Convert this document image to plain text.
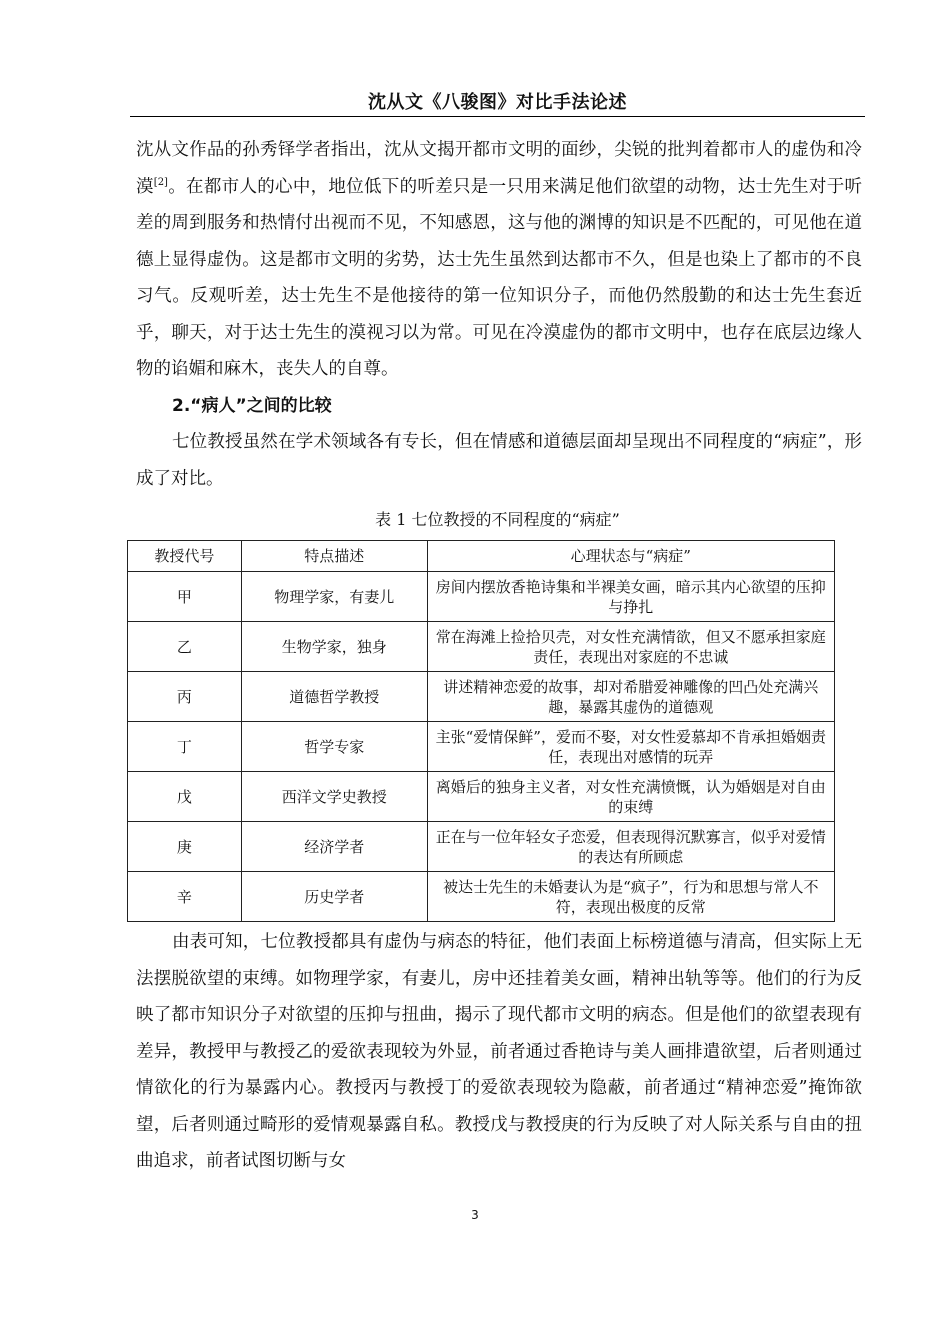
沈从文《八骏图》对比手法论述

沈从文作品的孙秀铎学者指出，沈从文揭开都市文明的面纱，尖锐的批判着都市人的虚伪和冷漠[2]。在都市人的心中，地位低下的听差只是一只用来满足他们欲望的动物，达士先生对于听差的周到服务和热情付出视而不见，不知感恩，这与他的渊博的知识是不匹配的，可见他在道德上显得虚伪。这是都市文明的劣势，达士先生虽然到达都市不久，但是也染上了都市的不良习气。反观听差，达士先生不是他接待的第一位知识分子，而他仍然殷勤的和达士先生套近乎，聊天，对于达士先生的漠视习以为常。可见在冷漠虚伪的都市文明中，也存在底层边缘人物的谄媚和麻木，丧失人的自尊。

2.“病人”之间的比较

七位教授虽然在学术领域各有专长，但在情感和道德层面却呈现出不同程度的“病症”，形成了对比。

表 1 七位教授的不同程度的“病症”
教授代号	特点描述	心理状态与“病症”
甲	物理学家，有妻儿	房间内摆放香艳诗集和半裸美女画，暗示其内心欲望的压抑与挣扎
乙	生物学家，独身	常在海滩上捡拾贝壳，对女性充满情欲，但又不愿承担家庭责任，表现出对家庭的不忠诚
丙	道德哲学教授	讲述精神恋爱的故事，却对希腊爱神雕像的凹凸处充满兴趣，暴露其虚伪的道德观
丁	哲学专家	主张“爱情保鲜”，爱而不娶，对女性爱慕却不肯承担婚姻责任，表现出对感情的玩弄
戊	西洋文学史教授	离婚后的独身主义者，对女性充满愤慨，认为婚姻是对自由的束缚
庚	经济学者	正在与一位年轻女子恋爱，但表现得沉默寡言，似乎对爱情的表达有所顾虑
辛	历史学者	被达士先生的未婚妻认为是“疯子”，行为和思想与常人不符，表现出极度的反常

由表可知，七位教授都具有虚伪与病态的特征，他们表面上标榜道德与清高，但实际上无法摆脱欲望的束缚。如物理学家，有妻儿，房中还挂着美女画，精神出轨等等。他们的行为反映了都市知识分子对欲望的压抑与扭曲，揭示了现代都市文明的病态。但是他们的欲望表现有差异，教授甲与教授乙的爱欲表现较为外显，前者通过香艳诗与美人画排遣欲望，后者则通过情欲化的行为暴露内心。教授丙与教授丁的爱欲表现较为隐蔽，前者通过“精神恋爱”掩饰欲望，后者则通过畸形的爱情观暴露自私。教授戊与教授庚的行为反映了对人际关系与自由的扭曲追求，前者试图切断与女

3
